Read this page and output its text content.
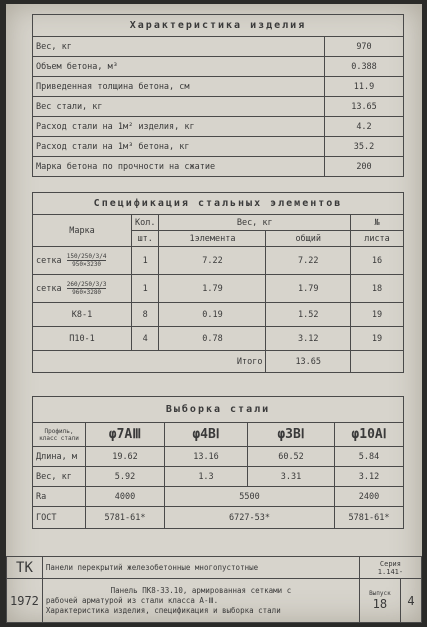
Характеристика изделия	
Вес, кг	970
Объем бетона, м³	0.388
Приведенная толщина бетона, см	11.9
Вес стали, кг	13.65
Расход стали на 1м² изделия, кг	4.2
Расход стали на 1м³ бетона, кг	35.2
Марка бетона по прочности на сжатие	200
Спецификация стальных элементов				
Марка	Кол.	Вес, кг		№
	шт.	1элемента	общий	листа
сетка $\frac{150/250/3/4}{950\times 3230}$	1	7.22	7.22	16
сетка $\frac{260/250/3/3}{960\times 3280}$	1	1.79	1.79	18
К8-1	8	0.19	1.52	19
П10-1	4	0.78	3.12	19
		Итого	13.65	
Выборка стали				

Профиль,
класс стали	φ7АⅢ	φ4ВⅠ	φ3ВⅠ	φ10АⅠ
Длина, м	19.62	13.16	60.52	5.84
Вес, кг	5.92	1.3	3.31	3.12
Rа	4000	5500		2400
ГОСТ	5781-61*	6727-53*		5781-61*
ТК	Панели перекрытий железобетонные многопустотные	Серия
1.141-	

1972	Панель ПК8-33.10, армированная сетками с
рабочей арматурой из стали класса А-Ⅲ.
Характеристика изделия, спецификация и выборка стали	Выпуск
18	4
